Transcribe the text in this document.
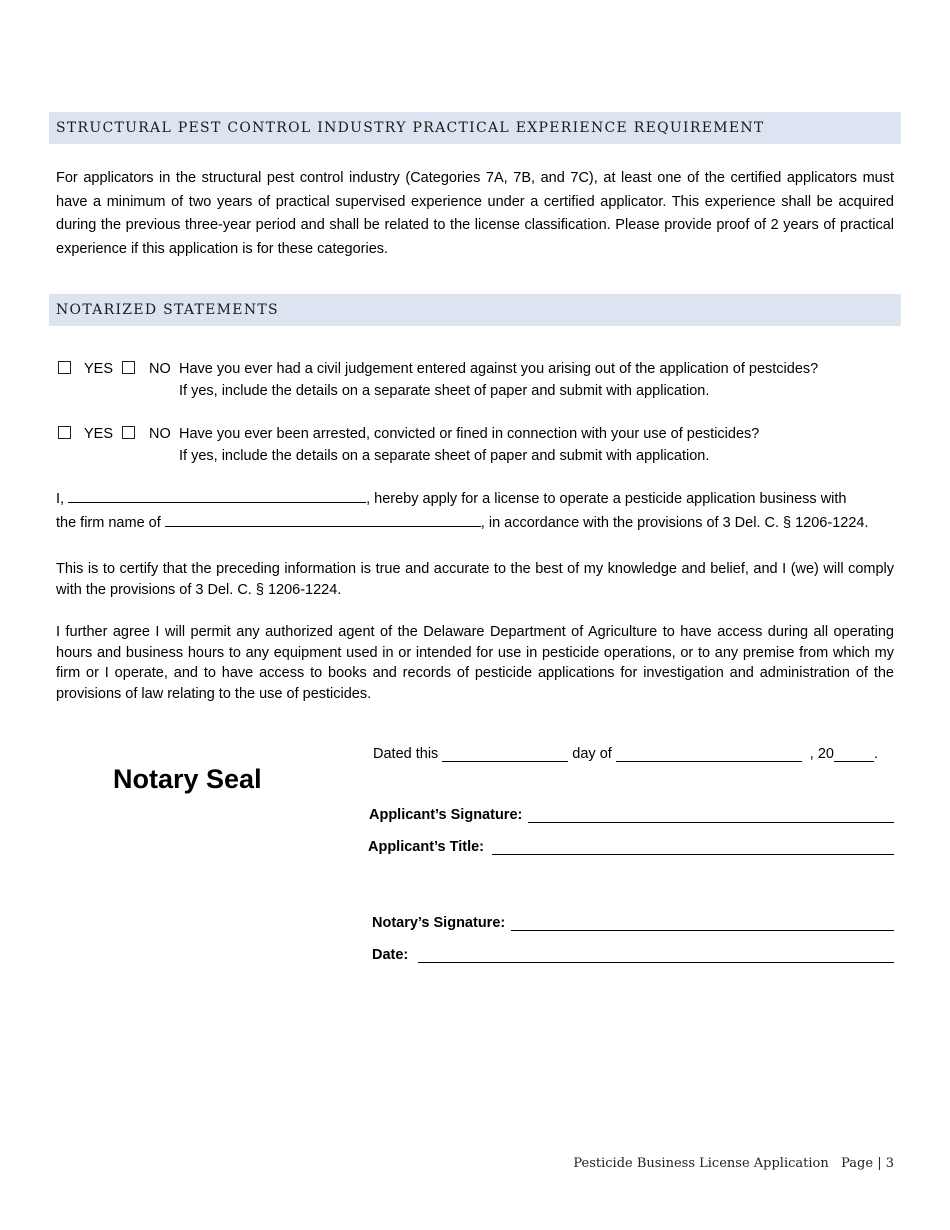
STRUCTURAL PEST CONTROL INDUSTRY PRACTICAL EXPERIENCE REQUIREMENT

For applicators in the structural pest control industry (Categories 7A, 7B, and 7C), at least one of the certified applicators must have a minimum of two years of practical supervised experience under a certified applicator. This experience shall be acquired during the previous three-year period and shall be related to the license classification. Please provide proof of 2 years of practical experience if this application is for these categories.

NOTARIZED STATEMENTS
YES NO Have you ever had a civil judgement entered against you arising out of the application of pestcides?
If yes, include the details on a separate sheet of paper and submit with application.
YES NO Have you ever been arrested, convicted or fined in connection with your use of pesticides?
If yes, include the details on a separate sheet of paper and submit with application.
I,	, hereby apply for a license to operate a pesticide application business with
the firm name of	, in accordance with the provisions of 3 Del. C. § 1206-1224.

This is to certify that the preceding information is true and accurate to the best of my knowledge and belief, and I (we) will comply with the provisions of 3 Del. C. § 1206-1224.

I further agree I will permit any authorized agent of the Delaware Department of Agriculture to have access during all operating hours and business hours to any equipment used in or intended for use in pesticide operations, or to any premise from which my firm or I operate, and to have access to books and records of pesticide applications for investigation and administration of the provisions of law relating to the use of pesticides.

Notary Seal
Dated this	day of	, 20	.
Applicant’s Signature:
Applicant’s Title:
Notary’s Signature:
Date:
Pesticide Business License Application Page | 3
